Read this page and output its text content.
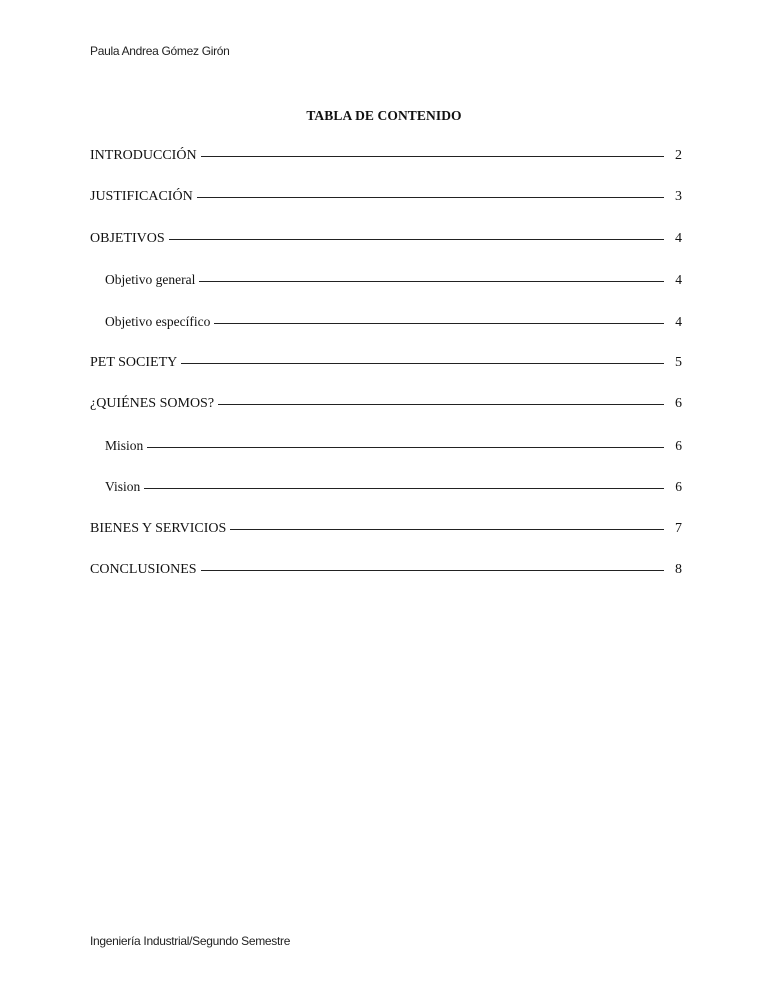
Paula Andrea Gómez Girón
TABLA DE CONTENIDO
INTRODUCCIÓN	2
JUSTIFICACIÓN	3
OBJETIVOS	4
Objetivo general	4
Objetivo específico	4
PET SOCIETY	5
¿QUIÉNES SOMOS?	6
Mision	6
Vision	6
BIENES Y SERVICIOS	7
CONCLUSIONES	8
Ingeniería Industrial/Segundo Semestre
